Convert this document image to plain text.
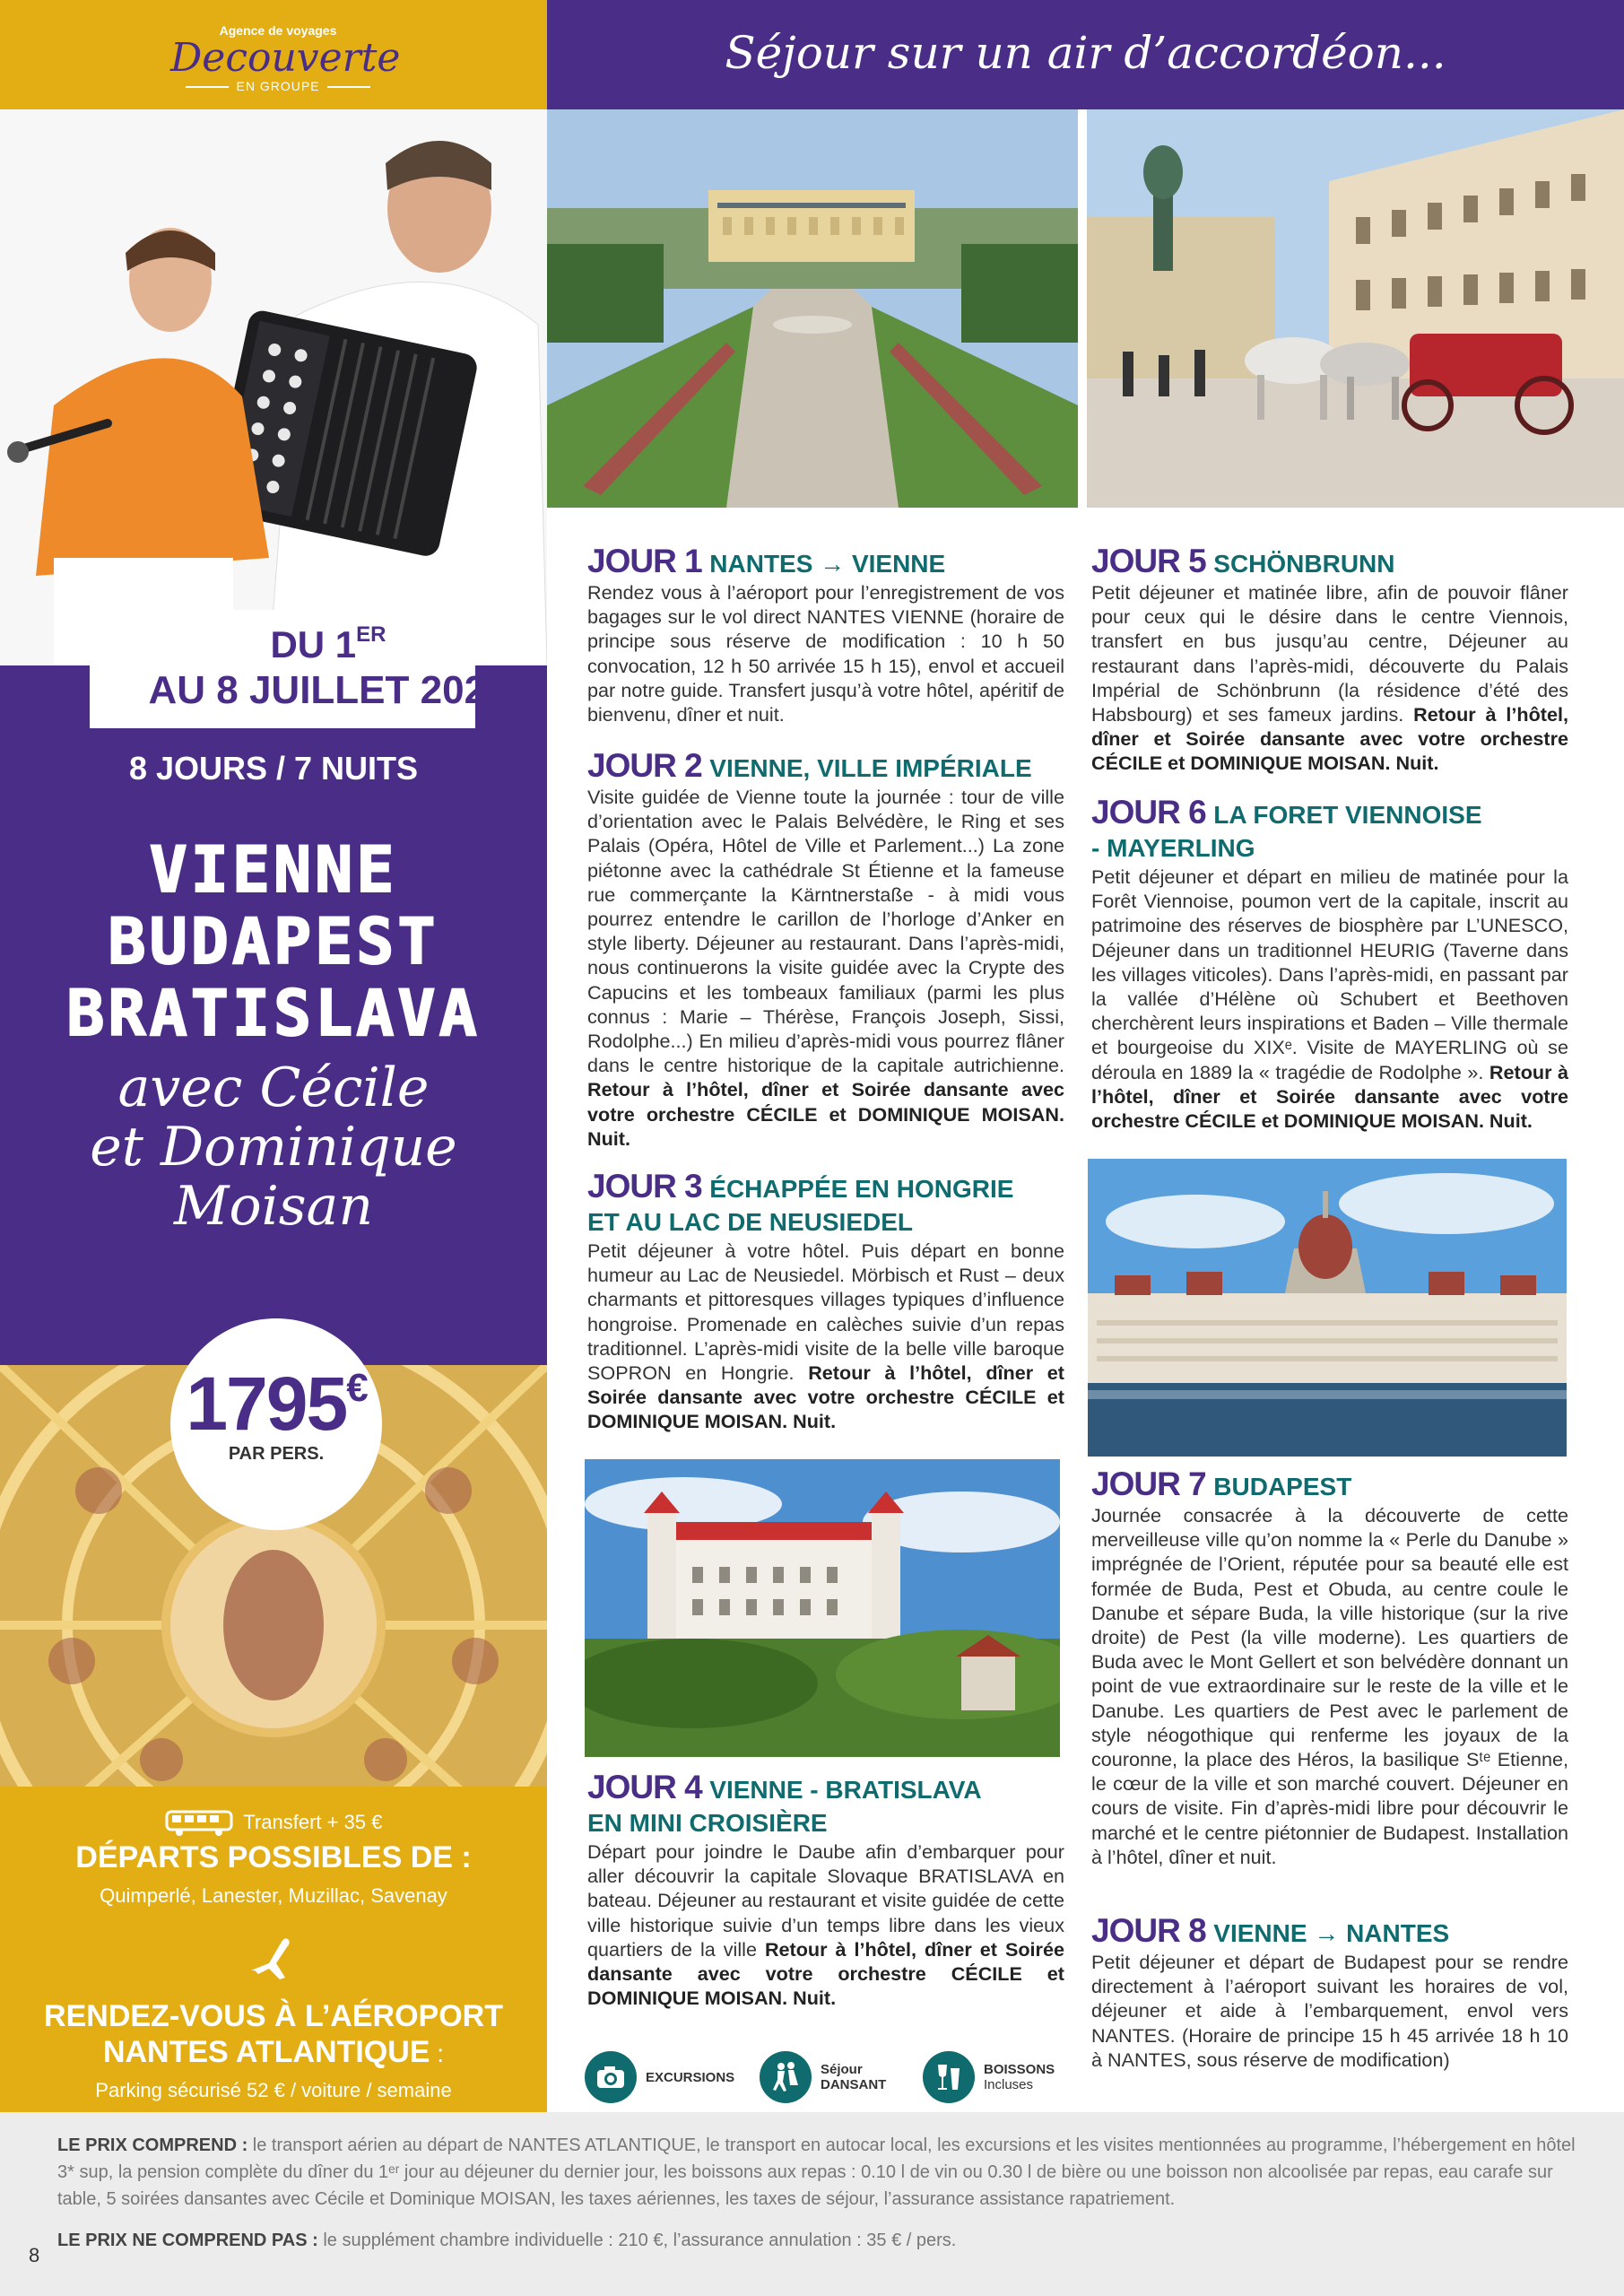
Agence de voyages
Decouverte
EN GROUPE
DU 1ER
AU 8 JUILLET 2024
8 JOURS / 7 NUITS
VIENNE
BUDAPEST
BRATISLAVA
avec Cécile
et Dominique
Moisan
1795€
PAR PERS.
Transfert + 35 €
DÉPARTS POSSIBLES DE :
Quimperlé, Lanester, Muzillac, Savenay
RENDEZ-VOUS À L’AÉROPORT
NANTES ATLANTIQUE :
Parking sécurisé 52 € / voiture / semaine
Séjour sur un air d’accordéon...
JOUR 1 NANTES → VIENNE

Rendez vous à l’aéroport pour l’enregistrement de vos bagages sur le vol direct NANTES VIENNE (horaire de principe sous réserve de modification : 10 h 50 convocation, 12 h 50 arrivée 15 h 15), envol et accueil par notre guide. Transfert jusqu’à votre hôtel, apéritif de bienvenu, dîner et nuit.

JOUR 2 VIENNE, VILLE IMPÉRIALE

Visite guidée de Vienne toute la journée : tour de ville d’orientation avec le Palais Belvédère, le Ring et ses Palais (Opéra, Hôtel de Ville et Parlement...) La zone piétonne avec la cathédrale St Étienne et la fameuse rue commerçante la Kärntnerstaße - à midi vous pourrez entendre le carillon de l’horloge d’Anker en style liberty. Déjeuner au restaurant. Dans l’après-midi, nous continuerons la visite guidée avec la Crypte des Capucins et les tombeaux familiaux (parmi les plus connus : Marie – Thérèse, François Joseph, Sissi, Rodolphe...) En milieu d’après-midi vous pourrez flâner dans le centre historique de la capitale autrichienne. Retour à l’hôtel, dîner et Soirée dansante avec votre orchestre CÉCILE et DOMINIQUE MOISAN. Nuit.

JOUR 3 ÉCHAPPÉE EN HONGRIE
ET AU LAC DE NEUSIEDEL

Petit déjeuner à votre hôtel. Puis départ en bonne humeur au Lac de Neusiedel. Mörbisch et Rust – deux charmants et pittoresques villages typiques d’influence hongroise. Promenade en calèches suivie d’un repas traditionnel. L’après-midi visite de la belle ville baroque SOPRON en Hongrie. Retour à l’hôtel, dîner et Soirée dansante avec votre orchestre CÉCILE et DOMINIQUE MOISAN. Nuit.

JOUR 4 VIENNE - BRATISLAVA
EN MINI CROISIÈRE

Départ pour joindre le Daube afin d’embarquer pour aller découvrir la capitale Slovaque BRATISLAVA en bateau. Déjeuner au restaurant et visite guidée de cette ville historique suivie d’un temps libre dans les vieux quartiers de la ville Retour à l’hôtel, dîner et Soirée dansante avec votre orchestre CÉCILE et DOMINIQUE MOISAN. Nuit.

JOUR 5 SCHÖNBRUNN

Petit déjeuner et matinée libre, afin de pouvoir flâner pour ceux qui le désire dans le centre Viennois, transfert en bus jusqu’au centre, Déjeuner au restaurant dans l’après-midi, découverte du Palais Impérial de Schönbrunn (la résidence d’été des Habsbourg) et ses fameux jardins. Retour à l’hôtel, dîner et Soirée dansante avec votre orchestre CÉCILE et DOMINIQUE MOISAN. Nuit.

JOUR 6 LA FORET VIENNOISE
- MAYERLING

Petit déjeuner et départ en milieu de matinée pour la Forêt Viennoise, poumon vert de la capitale, inscrit au patrimoine des réserves de biosphère par L’UNESCO, Déjeuner dans un traditionnel HEURIG (Taverne dans les villages viticoles). Dans l’après-midi, en passant par la vallée d’Hélène où Schubert et Beethoven cherchèrent leurs inspirations et Baden – Ville thermale et bourgeoise du XIXᵉ. Visite de MAYERLING où se déroula en 1889 la « tragédie de Rodolphe ». Retour à l’hôtel, dîner et Soirée dansante avec votre orchestre CÉCILE et DOMINIQUE MOISAN. Nuit.

JOUR 7 BUDAPEST

Journée consacrée à la découverte de cette merveilleuse ville qu’on nomme la « Perle du Danube » imprégnée de l’Orient, réputée pour sa beauté elle est formée de Buda, Pest et Obuda, au centre coule le Danube et sépare Buda, la ville historique (sur la rive droite) de Pest (la ville moderne). Les quartiers de Buda avec le Mont Gellert et son belvédère donnant un point de vue extraordinaire sur le reste de la ville et le Danube. Les quartiers de Pest avec le parlement de style néogothique qui renferme les joyaux de la couronne, la place des Héros, la basilique Sᵗᵉ Etienne, le cœur de la ville et son marché couvert. Déjeuner en cours de visite. Fin d’après-midi libre pour découvrir le marché et le centre piétonnier de Budapest. Installation à l’hôtel, dîner et nuit.

JOUR 8 VIENNE → NANTES

Petit déjeuner et départ de Budapest pour se rendre directement à l’aéroport suivant les horaires de vol, déjeuner et aide à l’embarquement, envol vers NANTES. (Horaire de principe 15 h 45 arrivée 18 h 10 à NANTES, sous réserve de modification)

EXCURSIONS	Séjour
DANSANT
BOISSONS
Incluses

LE PRIX COMPREND : le transport aérien au départ de NANTES ATLANTIQUE, le transport en autocar local, les excursions et les visites mentionnées au programme, l’hébergement en hôtel 3* sup, la pension complète du dîner du 1ᵉʳ jour au déjeuner du dernier jour, les boissons aux repas : 0.10 l de vin ou 0.30 l de bière ou une boisson non alcoolisée par repas, eau carafe sur table, 5 soirées dansantes avec Cécile et Dominique MOISAN, les taxes aériennes, les taxes de séjour, l’assurance assistance rapatriement.

LE PRIX NE COMPREND PAS : le supplément chambre individuelle : 210 €, l’assurance annulation : 35 € / pers.

8
